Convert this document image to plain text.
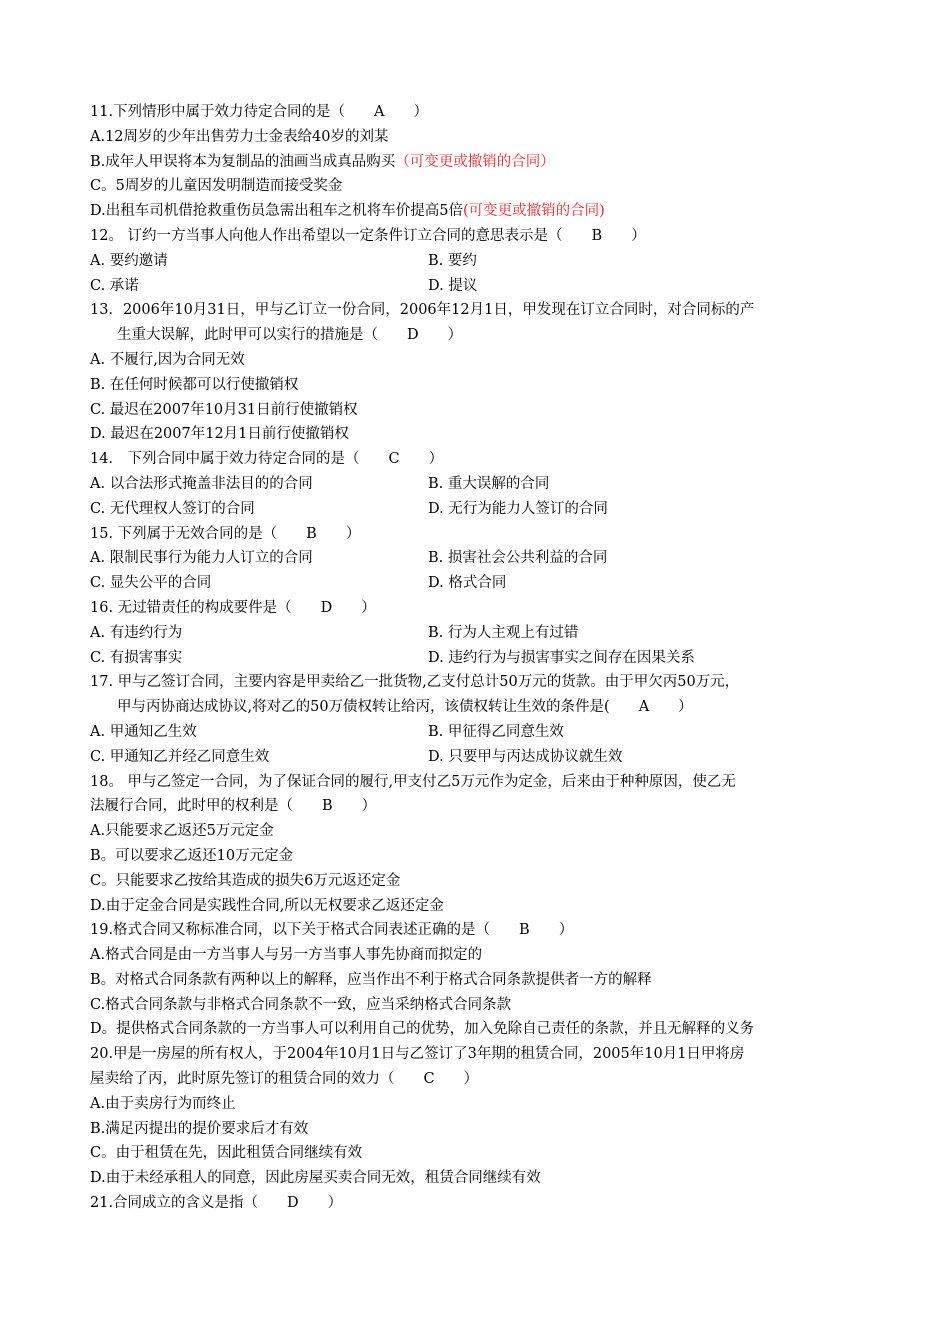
11.下列情形中属于效力待定合同的是（　　A　　）
A.12周岁的少年出售劳力士金表给40岁的刘某
B.成年人甲误将本为复制品的油画当成真品购买（可变更或撤销的合同）
C。5周岁的儿童因发明制造而接受奖金
D.出租车司机借抢救重伤员急需出租车之机将车价提高5倍(可变更或撤销的合同)
12。 订约一方当事人向他人作出希望以一定条件订立合同的意思表示是（　　B　　）
A. 要约邀请	B. 要约
C. 承诺	D. 提议
13．2006年10月31日，甲与乙订立一份合同，2006年12月1日，甲发现在订立合同时，对合同标的产
生重大误解，此时甲可以实行的措施是（　　D　　）
A. 不履行,因为合同无效
B. 在任何时候都可以行使撤销权
C. 最迟在2007年10月31日前行使撤销权
D. 最迟在2007年12月1日前行使撤销权
14． 下列合同中属于效力待定合同的是（　　C　　）
A. 以合法形式掩盖非法目的的合同	B. 重大误解的合同
C. 无代理权人签订的合同	D. 无行为能力人签订的合同
15. 下列属于无效合同的是（　　B　　）
A. 限制民事行为能力人订立的合同	B. 损害社会公共利益的合同
C. 显失公平的合同	D. 格式合同
16. 无过错责任的构成要件是（　　D　　）
A. 有违约行为	B. 行为人主观上有过错
C. 有损害事实	D. 违约行为与损害事实之间存在因果关系
17. 甲与乙签订合同，主要内容是甲卖给乙一批货物,乙支付总计50万元的货款。由于甲欠丙50万元，
甲与丙协商达成协议,将对乙的50万债权转让给丙，该债权转让生效的条件是(　　A　　）
A. 甲通知乙生效	B. 甲征得乙同意生效
C. 甲通知乙并经乙同意生效	D. 只要甲与丙达成协议就生效
18。 甲与乙签定一合同，为了保证合同的履行,甲支付乙5万元作为定金，后来由于种种原因，使乙无
法履行合同，此时甲的权利是（　　B　　）
A.只能要求乙返还5万元定金
B。可以要求乙返还10万元定金
C。只能要求乙按给其造成的损失6万元返还定金
D.由于定金合同是实践性合同,所以无权要求乙返还定金
19.格式合同又称标准合同，以下关于格式合同表述正确的是（　　B　　）
A.格式合同是由一方当事人与另一方当事人事先协商而拟定的
B。对格式合同条款有两种以上的解释，应当作出不利于格式合同条款提供者一方的解释
C.格式合同条款与非格式合同条款不一致，应当采纳格式合同条款
D。提供格式合同条款的一方当事人可以利用自己的优势，加入免除自己责任的条款，并且无解释的义务
20.甲是一房屋的所有权人，于2004年10月1日与乙签订了3年期的租赁合同，2005年10月1日甲将房
屋卖给了丙，此时原先签订的租赁合同的效力（　　C　　）
A.由于卖房行为而终止
B.满足丙提出的提价要求后才有效
C。由于租赁在先，因此租赁合同继续有效
D.由于未经承租人的同意，因此房屋买卖合同无效，租赁合同继续有效
21.合同成立的含义是指（　　D　　）
